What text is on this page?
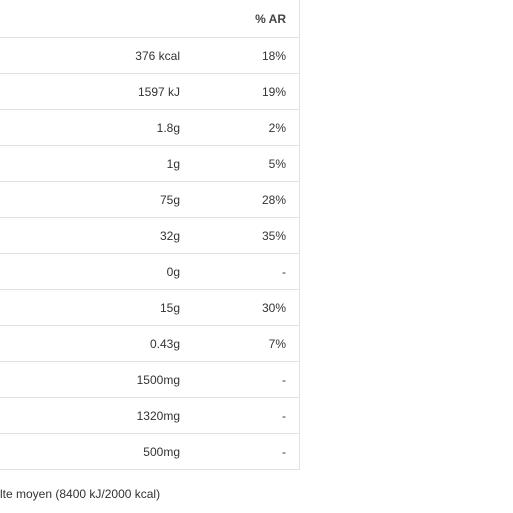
% AR
376 kcal	18%
1597 kJ	19%
1.8g	2%
1g	5%
75g	28%
32g	35%
0g	-
15g	30%
0.43g	7%
1500mg	-
1320mg	-
500mg	-
lte moyen (8400 kJ/2000 kcal)
